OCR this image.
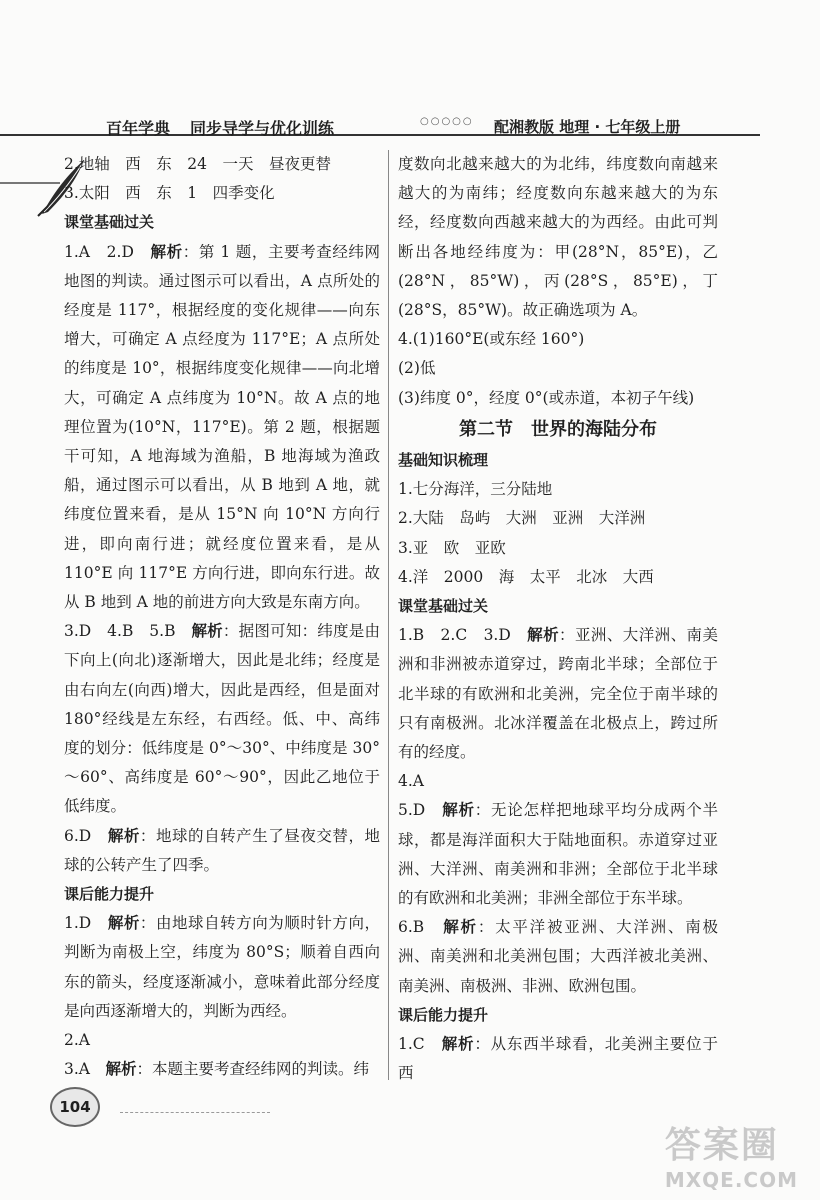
百年学典 同步导学与优化训练	○○○○○ 配湘教版 地理 · 七年级上册

2.地轴　西　东　24　一天　昼夜更替

3.太阳　西　东　1　四季变化

课堂基础过关

1.A　2.D　解析：第 1 题，主要考查经纬网地图的判读。通过图示可以看出，A 点所处的经度是 117°，根据经度的变化规律——向东增大，可确定 A 点经度为 117°E；A 点所处的纬度是 10°，根据纬度变化规律——向北增大，可确定 A 点纬度为 10°N。故 A 点的地理位置为(10°N，117°E)。第 2 题，根据题干可知，A 地海域为渔船，B 地海域为渔政船，通过图示可以看出，从 B 地到 A 地，就纬度位置来看，是从 15°N 向 10°N 方向行进，即向南行进；就经度位置来看，是从 110°E 向 117°E 方向行进，即向东行进。故从 B 地到 A 地的前进方向大致是东南方向。

3.D　4.B　5.B　解析：据图可知：纬度是由下向上(向北)逐渐增大，因此是北纬；经度是由右向左(向西)增大，因此是西经，但是面对 180°经线是左东经，右西经。低、中、高纬度的划分：低纬度是 0°～30°、中纬度是 30°～60°、高纬度是 60°～90°，因此乙地位于低纬度。

6.D　解析：地球的自转产生了昼夜交替，地球的公转产生了四季。

课后能力提升

1.D　解析：由地球自转方向为顺时针方向，判断为南极上空，纬度为 80°S；顺着自西向东的箭头，经度逐渐减小，意味着此部分经度是向西逐渐增大的，判断为西经。

2.A

3.A　解析：本题主要考查经纬网的判读。纬

度数向北越来越大的为北纬，纬度数向南越来越大的为南纬；经度数向东越来越大的为东经，经度数向西越来越大的为西经。由此可判断出各地经纬度为：甲(28°N，85°E)，乙(28°N，85°W)，丙(28°S，85°E)，丁(28°S，85°W)。故正确选项为 A。

4.(1)160°E(或东经 160°)

(2)低

(3)纬度 0°，经度 0°(或赤道，本初子午线)

第二节　世界的海陆分布

基础知识梳理

1.七分海洋，三分陆地

2.大陆　岛屿　大洲　亚洲　大洋洲

3.亚　欧　亚欧

4.洋　2000　海　太平　北冰　大西

课堂基础过关

1.B　2.C　3.D　解析：亚洲、大洋洲、南美洲和非洲被赤道穿过，跨南北半球；全部位于北半球的有欧洲和北美洲，完全位于南半球的只有南极洲。北冰洋覆盖在北极点上，跨过所有的经度。

4.A

5.D　解析：无论怎样把地球平均分成两个半球，都是海洋面积大于陆地面积。赤道穿过亚洲、大洋洲、南美洲和非洲；全部位于北半球的有欧洲和北美洲；非洲全部位于东半球。

6.B　解析：太平洋被亚洲、大洋洲、南极洲、南美洲和北美洲包围；大西洋被北美洲、南美洲、南极洲、非洲、欧洲包围。

课后能力提升

1.C　解析：从东西半球看，北美洲主要位于西

104
答案圈
MXQE.COM
